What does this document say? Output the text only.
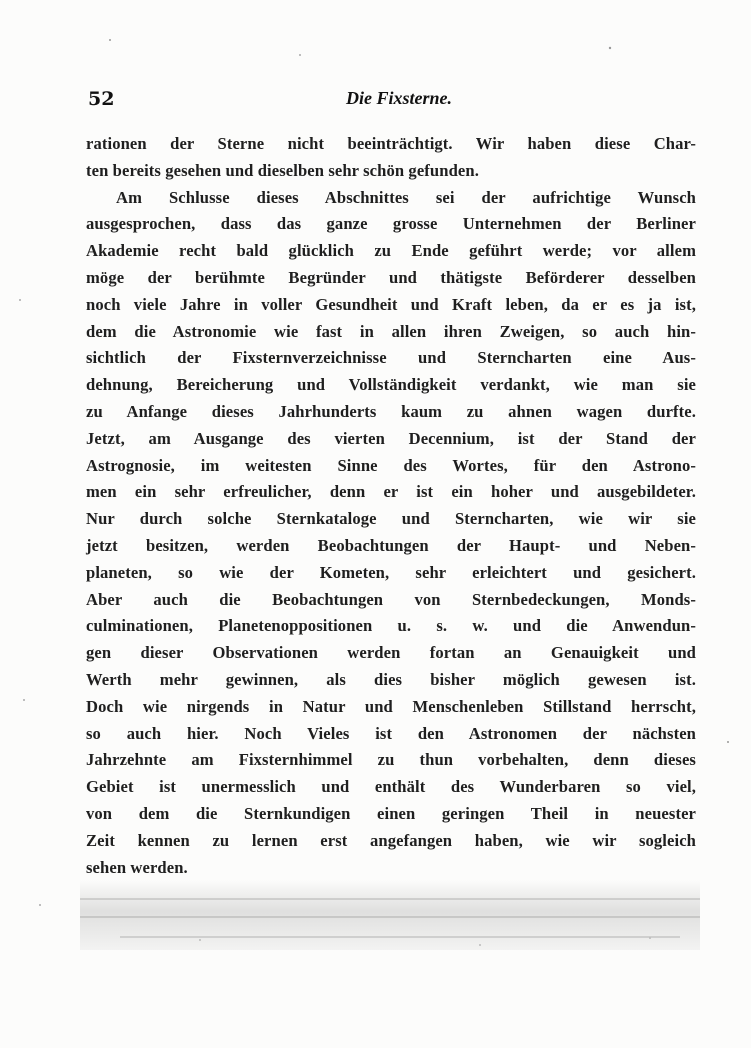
52	Die Fixsterne.
rationen der Sterne nicht beeinträchtigt. Wir haben diese Char-
ten bereits gesehen und dieselben sehr schön gefunden.
Am Schlusse dieses Abschnittes sei der aufrichtige Wunsch
ausgesprochen, dass das ganze grosse Unternehmen der Berliner
Akademie recht bald glücklich zu Ende geführt werde; vor allem
möge der berühmte Begründer und thätigste Beförderer desselben
noch viele Jahre in voller Gesundheit und Kraft leben, da er es ja ist,
dem die Astronomie wie fast in allen ihren Zweigen, so auch hin-
sichtlich der Fixsternverzeichnisse und Sterncharten eine Aus-
dehnung, Bereicherung und Vollständigkeit verdankt, wie man sie
zu Anfange dieses Jahrhunderts kaum zu ahnen wagen durfte.
Jetzt, am Ausgange des vierten Decennium, ist der Stand der
Astrognosie, im weitesten Sinne des Wortes, für den Astrono-
men ein sehr erfreulicher, denn er ist ein hoher und ausgebildeter.
Nur durch solche Sternkataloge und Sterncharten, wie wir sie
jetzt besitzen, werden Beobachtungen der Haupt- und Neben-
planeten, so wie der Kometen, sehr erleichtert und gesichert.
Aber auch die Beobachtungen von Sternbedeckungen, Monds-
culminationen, Planetenoppositionen u. s. w. und die Anwendun-
gen dieser Observationen werden fortan an Genauigkeit und
Werth mehr gewinnen, als dies bisher möglich gewesen ist.
Doch wie nirgends in Natur und Menschenleben Stillstand herrscht,
so auch hier. Noch Vieles ist den Astronomen der nächsten
Jahrzehnte am Fixsternhimmel zu thun vorbehalten, denn dieses
Gebiet ist unermesslich und enthält des Wunderbaren so viel,
von dem die Sternkundigen einen geringen Theil in neuester
Zeit kennen zu lernen erst angefangen haben, wie wir sogleich
sehen werden.
